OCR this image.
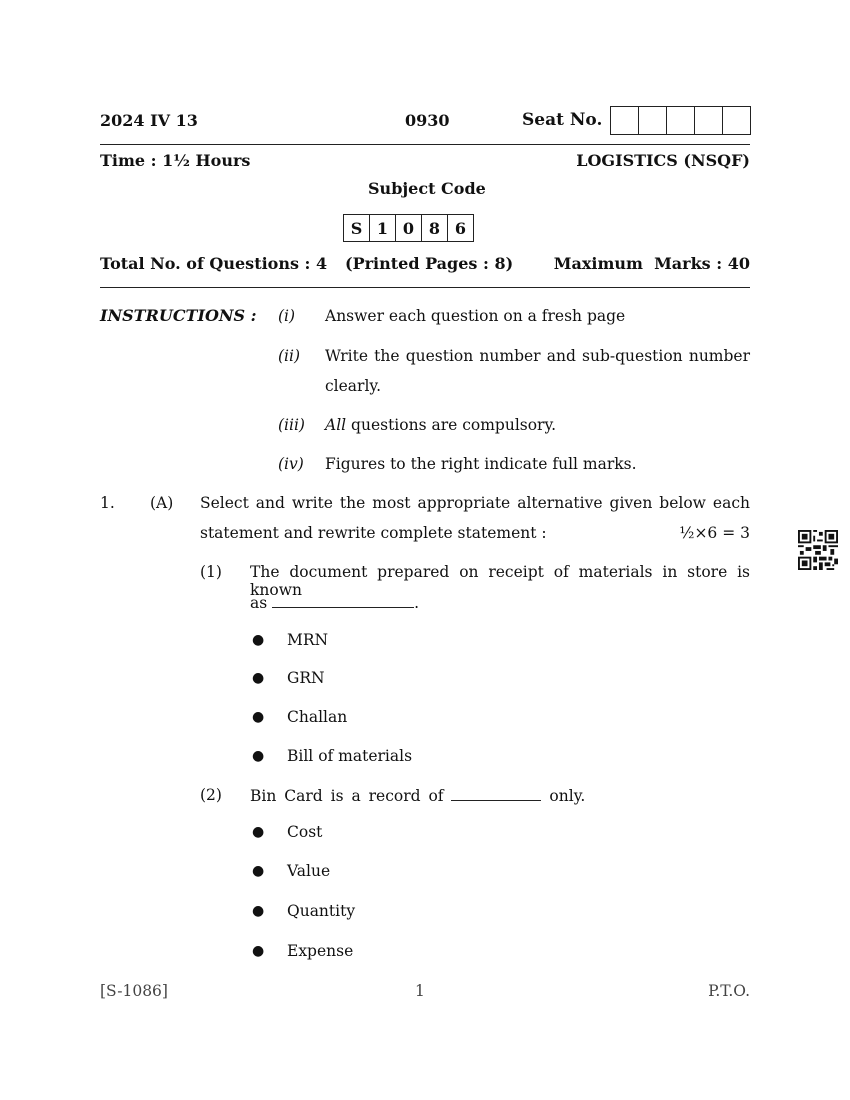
2024 IV 13	0930	Seat No.
Time : 1½ Hours	LOGISTICS (NSQF)
Subject Code
S 1 0 8 6
Total No. of Questions : 4 (Printed Pages : 8)	Maximum  Marks : 40
INSTRUCTIONS : (i) Answer each question on a fresh page
(ii) Write the question number and sub-question number
clearly.
(iii) All questions are compulsory.
(iv) Figures to the right indicate full marks.
1. (A) Select and write the most appropriate alternative given below each
statement and rewrite complete statement :	½×6 = 3
(1) The document prepared on receipt of materials in store is known
as	.
● MRN
● GRN
● Challan
● Bill of materials
(2) Bin Card is a record of	only.
● Cost
● Value
● Quantity
● Expense
[S-1086]	1	P.T.O.
